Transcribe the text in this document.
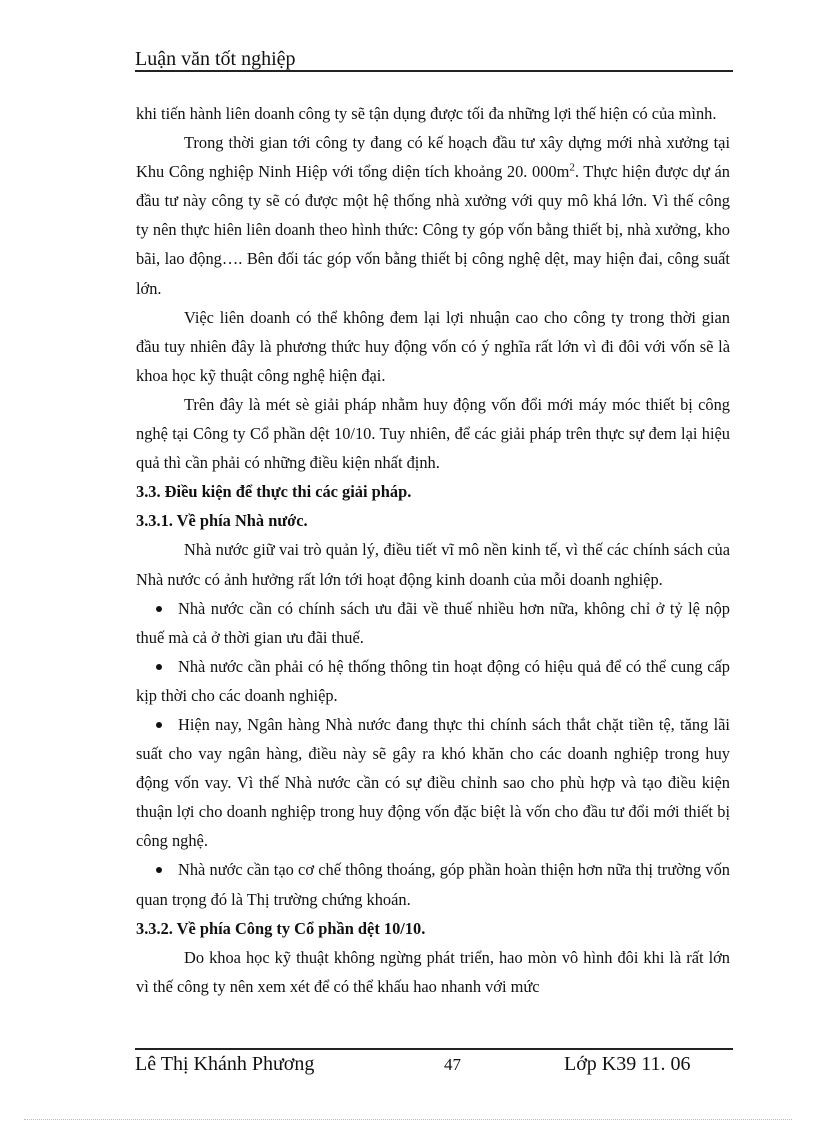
Luận văn tốt nghiệp

khi tiến hành liên doanh công ty sẽ tận dụng được tối đa những lợi thế hiện có của mình.

Trong thời gian tới công ty đang có kế hoạch đầu tư xây dựng mới nhà xưởng tại Khu Công nghiệp Ninh Hiệp với tổng diện tích khoảng 20. $000m^2$. Thực hiện được dự án đầu tư này công ty sẽ có được một hệ thống nhà xưởng với quy mô khá lớn. Vì thế công ty nên thực hiên liên doanh theo hình thức: Công ty góp vốn bằng thiết bị, nhà xưởng, kho bãi, lao động…. Bên đối tác góp vốn bằng thiết bị công nghệ dệt, may hiện đai, công suất lớn.

Việc liên doanh có thể không đem lại lợi nhuận cao cho công ty trong thời gian đầu tuy nhiên đây là phương thức huy động vốn có ý nghĩa rất lớn vì đi đôi với vốn sẽ là khoa học kỹ thuật công nghệ hiện đại.

Trên đây là mét sè giải pháp nhằm huy động vốn đổi mới máy móc thiết bị công nghệ tại Công ty Cổ phần dệt 10/10. Tuy nhiên, để các giải pháp trên thực sự đem lại hiệu quả thì cần phải có những điều kiện nhất định.

3.3. Điều kiện để thực thi các giải pháp.

3.3.1. Về phía Nhà nước.

Nhà nước giữ vai trò quản lý, điều tiết vĩ mô nền kinh tế, vì thế các chính sách của Nhà nước có ảnh hưởng rất lớn tới hoạt động kinh doanh của mỗi doanh nghiệp.

Nhà nước cần có chính sách ưu đãi về thuế nhiều hơn nữa, không chỉ ở tỷ lệ nộp thuế mà cả ở thời gian ưu đãi thuế.

Nhà nước cần phải có hệ thống thông tin hoạt động có hiệu quả để có thể cung cấp kịp thời cho các doanh nghiệp.

Hiện nay, Ngân hàng Nhà nước đang thực thi chính sách thắt chặt tiền tệ, tăng lãi suất cho vay ngân hàng, điều này sẽ gây ra khó khăn cho các doanh nghiệp trong huy động vốn vay. Vì thế Nhà nước cần có sự điều chỉnh sao cho phù hợp và tạo điều kiện thuận lợi cho doanh nghiệp trong huy động vốn đặc biệt là vốn cho đầu tư đổi mới thiết bị công nghệ.

Nhà nước cần tạo cơ chế thông thoáng, góp phần hoàn thiện hơn nữa thị trường vốn quan trọng đó là Thị trường chứng khoán.

3.3.2. Về phía Công ty Cổ phần dệt 10/10.

Do khoa học kỹ thuật không ngừng phát triển, hao mòn vô hình đôi khi là rất lớn vì thế công ty nên xem xét để có thể khấu hao nhanh với mức

Lê Thị Khánh Phương	47	Lớp K39 11. 06
